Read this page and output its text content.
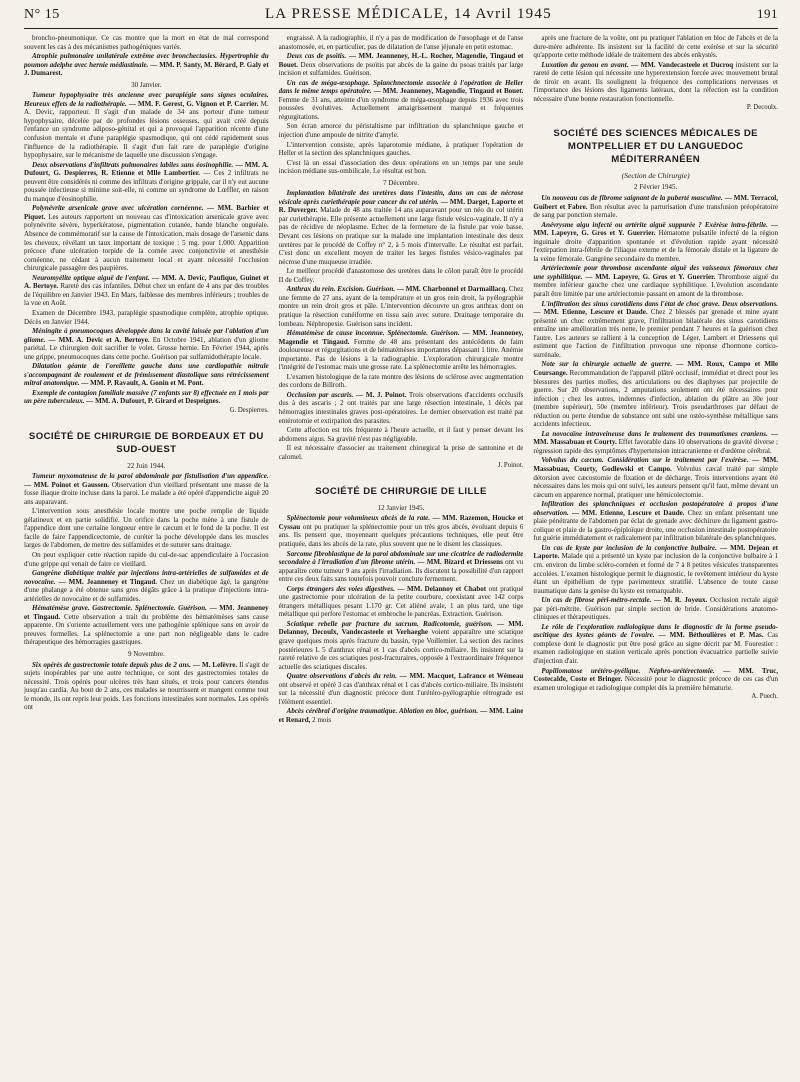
N° 15	LA PRESSE MÉDICALE, 14 Avril 1945	191

broncho-pneumonique. Ce cas montre que la mort en état de mal correspond souvent les cas à des mécanismes pathogéniques variés.

Atrophie pulmonaire unilatérale extrême avec bronchectasies. Hypertrophie du poumon adelphe avec hernie médiastinale. — MM. P. Santy, M. Bérard, P. Galy et J. Dumarest.

30 Janvier.

Tumeur hypophysaire très ancienne avec paraplégie sans signes oculaires. Heureux effets de la radiothérapie. — MM. F. Gerest, G. Vignon et P. Carrier. M. A. Devic, rapporteur. Il s'agit d'un malade de 34 ans porteur d'une tumeur hypophysaire, décelée par de profondes lésions osseuses, qui avait créé depuis l'enfance un syndrome adiposo-génital et qui a provoqué l'apparition récente d'une confusion mentale et d'une paraplégie spasmodique, qui ont cédé rapidement sous l'influence de la radiothérapie. Il s'agit d'un fait rare de paraplégie d'origine hypophysaire, sur le mécanisme de laquelle une discussion s'engage.

Deux observations d'infiltrats pulmonaires labiles sans éosinophilie. — MM. A. Dufourt, G. Despierres, R. Etienne et Mlle Lambertier. — Ces 2 infiltrats ne peuvent être considérés ni comme des infiltrats d'origine grippale, car il n'y eut aucune poussée infectieuse si minime soit-elle, ni comme un syndrome de Lœffler, en raison du manque d'éosinophilie.

Polynévrite arsenicale grave avec ulcération cornéenne. — MM. Barbier et Piquet. Les auteurs rapportent un nouveau cas d'intoxication arsenicale grave avec polynévrite sévère, hyperkératose, pigmentation cutanée, bande blanche onguéale. Absence de commémoratif sur la cause de l'intoxication, mais dosage de l'arsenic dans les cheveux, révélant un taux important de toxique : 5 mg. pour 1.000. Apparition précoce d'une ulcération torpide de la cornée avec conjonctivite et anesthésie cornéenne, ne cédant à aucun traitement local et ayant nécessité l'occlusion chirurgicale passagère des paupières.

Neuromyélite optique aiguë de l'enfant. — MM. A. Devic, Paufique, Guinet et A. Bertoye. Rareté des cas infantiles. Début chez un enfant de 4 ans par des troubles de l'équilibre en Janvier 1943. En Mars, faiblesse des membres inférieurs ; troubles de la vue en Août.

Examen de Décembre 1943, paraplégie spasmodique complète, atrophie optique. Décès en Janvier 1944.

Méningite à pneumocoques développée dans la cavité laissée par l'ablation d'un gliome. — MM. A. Devic et A. Bertoye. En Octobre 1941, ablation d'un gliome pariétal. Le chirurgien doit sacrifier le volet. Grosse hernie. En Février 1944, après une grippe, pneumocoques dans cette poche. Guérison par sulfamidothérapie locale.

Dilatation géante de l'oreillette gauche dans une cardiopathie mitrale s'accompagnant de roulement et de frémissement diastolique sans rétrécissement mitral anatomique. — MM. P. Ravault, A. Gonin et M. Pont.

Exemple de contagion familiale massive (7 enfants sur 8) effectuée en 1 mois par un père tuberculeux. — MM. A. Dufourt, P. Girard et Despeignes.

G. Despierres.
SOCIÉTÉ DE CHIRURGIE DE BORDEAUX ET DU SUD-OUEST
22 Juin 1944.

Tumeur myxomateuse de la paroi abdominale par fistulisation d'un appendice. — MM. Poinot et Gaussen. Observation d'un vieillard présentant une masse de la fosse iliaque droite incluse dans la paroi. Le malade a été opéré d'appendicite aiguë 20 ans auparavant.

L'intervention sous anesthésie locale montre une poche remplie de liquide gélatineux et en partie solidifié. Un orifice dans la poche mène à une fistule de l'appendice dont une certaine longueur entre le cæcum et le fond de la poche. Il est facile de faire l'appendicectomie, de curéter la poche développée dans les muscles larges de l'abdomen, de mettre des sulfamides et de suturer sans drainage.

On peut expliquer cette réaction rapide du cul-de-sac appendiculaire à l'occasion d'une grippe qui venait de faire ce vieillard.

Gangrène diabétique traitée par injections intra-artérielles de sulfamides et de novocaïne. — MM. Jeanneney et Tingaud. Chez un diabétique âgé, la gangrène d'une phalange a été obtenue sans gros dégâts grâce à la pratique d'injections intra-artérielles de novocaïne et de sulfamides.

Hématémèse grave. Gastrectomie. Splénectomie. Guérison. — MM. Jeanneney et Tingaud. Cette observation a trait du problème des hématémèses sans cause apparente. On s'oriente actuellement vers une pathogénie splénique sans en avoir de preuves formelles. La splénectomie a une part non négligeable dans le cadre thérapeutique des hémorragies gastriques.

9 Novembre.

Six opérés de gastrectomie totale depuis plus de 2 ans. — M. Lefèvre. Il s'agit de sujets inopérables par une autre technique, ce sont des gastrectomies totales de nécessité. Trois opérés pour ulcères très haut situés, et trois pour cancers étendus jusqu'au cardia. Au bout de 2 ans, ces malades se nourrissent et mangent comme tout le monde, ils ont repris leur poids. Les fonctions intestinales sont normales. Les opérés ont

engraissé. A la radiographie, il n'y a pas de modification de l'œsophage et de l'anse anastomosée, et, en particulier, pas de dilatation de l'anse jéjunale en petit estomac.

Deux cas de psoïtis. — MM. Jeanneney, H.-L. Rocher, Magendie, Tingaud et Bouet. Deux observations de psoïtis par abcès de la gaine du psoas traités par large incision et sulfamides. Guérison.

Un cas de méga-œsophage. Splanchnectomie associée à l'opération de Heller dans le même temps opératoire. — MM. Jeanneney, Magendie, Tingaud et Bouet. Femme de 31 ans, atteinte d'un syndrome de méga-œsophage depuis 1936 avec trois poussées évolutives. Actuellement amaigrissement marqué et fréquentes régurgitations.

Son écran amorce du péristaltisme par infiltration du splanchnique gauche et injection d'une ampoule de nitrite d'amyle.

L'intervention consiste, après laparotomie médiane, à pratiquer l'opération de Heller et la section des splanchniques gauches.

C'est là un essai d'association des deux opérations en un temps par une seule incision médiane sus-ombilicale. Le résultat est bon.

7 Décembre.

Implantation bilatérale des uretères dans l'intestin, dans un cas de nécrose vésicale après curiethérapie pour cancer du col utérin. — MM. Darget, Laporte et R. Duverger. Malade de 48 ans traitée 14 ans auparavant pour un néo du col utérin par curiethérapie. Elle présente actuellement une large fistule vésico-vaginale. Il n'y a pas de récidive de néoplasme. Echec de la fermeture de la fistule par voie basse. Devant ces lésions on pratique sur la malade une implantation intestinale des deux uretères par le procédé de Coffey n° 2, à 5 mois d'intervalle. Le résultat est parfait. C'est donc un excellent moyen de traiter les larges fistules vésico-vaginales par nécrose d'une muqueuse irradiée.

Le meilleur procédé d'anastomose des uretères dans le côlon paraît être le procédé II de Coffey.

Anthrax du rein. Excision. Guérison. — MM. Charbonnel et Darmaillacq. Chez une femme de 27 ans, ayant de la température et un gros rein droit, la pyélographie montre un rein droit gros et pâle. L'intervention découvre un gros anthrax dont on pratique la résection cunéiforme en tissu sain avec suture. Drainage temporaire du lombeau. Néphropexie. Guérison sans incident.

Hématémèse de cause inconnue. Splénectomie. Guérison. — MM. Jeanneney, Magendie et Tingaud. Femme de 48 ans présentant des antécédents de faim douloureuse et régurgitations et de hématémèses importantes dépassant 1 litre. Anémie importante. Pas de lésions à la radiographie. L'exploration chirurgicale montre l'intégrité de l'estomac mais une grosse rate. La splénectomie arrête les hémorragies.

L'examen histologique de la rate montre des lésions de sclérose avec augmentation des cordons de Billroth.

Occlusion par ascaris. — M. J. Poinot. Trois observations d'accidents occlusifs dus à des ascaris ; 2 ont traités par une large résection intestinale, 1 décès par hémorragies intestinales graves post-opératoires. Le dernier observation est traité par entérotomie et extirpation des parasites.

Cette affection est très fréquente à l'heure actuelle, et il faut y penser devant les abdomens aigus. Sa gravité n'est pas négligeable.

Il est nécessaire d'associer au traitement chirurgical la prise de santonine et de calomel.

J. Poinot.
SOCIÉTÉ DE CHIRURGIE DE LILLE
12 Janvier 1945.

Splénectomie pour volumineux abcès de la rate. — MM. Razemon, Houcke et Cyssau ont pu pratiquer la splénectomie pour un très gros abcès, évoluant depuis 6 ans. Ils pensent que, moyennant quelques précautions techniques, elle peut être pratiquée, dans les abcès de la rate, plus souvent que ne le disent les classiques.

Sarcome fibroblastique de la paroi abdominale sur une cicatrice de radiodermite secondaire à l'irradiation d'un fibrome utérin. — MM. Bizard et Driessens ont vu apparaître cette tumeur 9 ans après l'irradiation. Ils discutent la possibilité d'un rapport entre ces deux faits sans toutefois pouvoir conclure fermement.

Corps étrangers des voies digestives. — MM. Delannoy et Chabot ont pratiqué une gastrectomie pour ulcération de la petite courbure, coexistant avec 142 corps étrangers métalliques pesant 1.170 gr. Cet aliéné avale, 1 an plus tard, une tige métallique qui perfore l'estomac et embroche le pancréas. Extraction. Guérison.

Sciatique rebelle par fracture du sacrum. Radicotomie, guérison. — MM. Delannoy, Decoulx, Vandecasteele et Verhaeghe voient apparaître une sciatique grave quelques mois après fracture du bassin, type Voillemier. La section des racines postérieures L 5 d'anthrax rénal et 1 cas d'abcès cortico-miliaire. Ils insistent sur la rareté relative de ces sciatiques post-fracturaires, opposée à l'extraordinaire fréquence actuelle des sciatiques discales.

Quatre observations d'abcès du rein. — MM. Macquet, Lafrance et Wémeau ont observé et opéré 3 cas d'anthrax rénal et 1 cas d'abcès cortico-miliaire. Ils insistent sur la nécessité d'un diagnostic précoce dont l'urétéro-pyélographie rétrograde est l'élément essentiel.

Abcès cérébral d'origine traumatique. Ablation en bloc, guérison. — MM. Laine et Renard, 2 mois

après une fracture de la voûte, ont pu pratiquer l'ablation en bloc de l'abcès et de la dure-mère adhérente. Ils insistent sur la facilité de cette exérèse et sur la sécurité qu'apporte cette méthode idéale de traitement des abcès enkystés.

Luxation du genou en avant. — MM. Vandecasteele et Ducroq insistent sur la rareté de cette lésion qui nécessite une hyperextension forcée avec mouvement brutal de tiroir en avant. Ils soulignent la fréquence des complications nerveuses et l'importance des lésions des ligaments latéraux, dont la réfection est la condition nécessaire d'une bonne restauration fonctionnelle.

P. Decoulx.
SOCIÉTÉ DES SCIENCES MÉDICALES DE MONTPELLIER ET DU LANGUEDOC MÉDITERRANÉEN
(Section de Chirurgie)
2 Février 1945.

Un nouveau cas de fibrome saignant de la puberté masculine. — MM. Terracol, Guibert et Fabre. Bon résultat avec la parturisation d'une transfusion préopératoire de sang par ponction sternale.

Anévrysme aigu infecté ou artérite aiguë suppurée ? Exérèse intra-fébrile. — MM. Lapeyre, G. Gros et Y. Guerrier. Hématome pulsatile infecté de la région inguinale droite d'apparition spontanée et d'évolution rapide ayant nécessité l'extirpation intra-fébrile de l'iliaque externe et de la fémorale distale et la ligature de la veine fémorale. Gangrène secondaire du membre.

Artériectomie pour thrombose ascendante aiguë des vaisseaux fémoraux chez une syphilitique. — MM. Lapeyre, G. Gros et Y. Guerrier. Thrombose aiguë du membre inférieur gauche chez une cardiaque syphilitique. L'évolution ascendante paraît être limitée par une artériectomie passant en amont de la thrombose.

L'infiltration des sinus carotidiens dans l'état de choc grave. Deux observations. — MM. Etienne, Lescure et Daude. Chez 2 blessés par grenade et mine ayant présenté un choc extrêmement grave, l'infiltration bilatérale des sinus carotidiens entraîne une amélioration très nette, le premier pendant 7 heures et la guérison chez l'autre. Les auteurs se rallient à la conception de Léger, Lambert et Driessens qui estiment que l'action de l'infiltration provoque une réponse d'hormone cortico-surrénale.

Note sur la chirurgie actuelle de guerre. — MM. Roux, Campo et Mlle Coursange. Recommandation de l'appareil plâtré occlusif, immédiat et direct pour les blessures des parties molles, des articulations ou des diaphyses par projectile de guerre. Sur 20 observations, 2 amputations seulement ont été nécessaires pour infection ; chez les autres, indemnes d'infection, ablation du plâtre au 30e jour (membre supérieur), 50e (membre inférieur). Trois pseudarthroses par défaut de réduction ou perte étendue de substance ont subi une ostéo-synthèse métallique sans accidents infectieux.

La novocaïne intraveineuse dans le traitement des traumatismes craniens. — MM. Massabuau et Courty. Effet favorable dans 10 observations de gravité diverse ; régression rapide des symptômes d'hypertension intracranienne et d'œdème cérébral.

Volvulus du cæcum. Considération sur le traitement par l'exérèse. — MM. Massabuau, Courty, Godlewski et Campo. Volvulus cæcal traité par simple détorsion avec cæcostomie de fixation et de décharge. Trois interventions ayant été nécessaires dans les mois qui ont suivi, les auteurs pensent qu'il faut, même devant un cæcum en apparence normal, pratiquer une hémicolectomie.

Infiltration des splanchniques et occlusion postopératoire à propos d'une observation. — MM. Etienne, Lescure et Daude. Chez un enfant présentant une plaie pénétrante de l'abdomen par éclat de grenade avec déchirure du ligament gastro-colique et plaie de la gastro-épiploïque droite, une occlusion intestinale postopératoire fut guérie immédiatement et radicalement par infiltration bilatérale des splanchniques.

Un cas de kyste par inclusion de la conjonctive bulbaire. — MM. Dejean et Laporte. Malade qui a présenté un kyste par inclusion de la conjonctive bulbaire à 1 cm. environ du limbe scléro-cornéen et formé de 7 à 8 petites vésicules transparentes accolées. L'examen histologique permit le diagnostic, le revêtement intérieur du kyste étant un épithélium de type pavimenteux stratifié. L'absence de toute cause traumatique dans la genèse du kyste est remarquable.

Un cas de fibrose péri-métro-rectale. — M. R. Joyeux. Occlusion rectale aiguë par péri-métrite. Guérison par simple section de bride. Considérations anatomo-cliniques et thérapeutiques.

Le rôle de l'exploration radiologique dans le diagnostic de la forme pseudo-ascitique des kystes géants de l'ovaire. — MM. Béthoulières et P. Mas. Cas complexe dont le diagnostic put être posé grâce au signe décrit par M. Fourestier : examen radiologique en station verticale après ponction évacuatrice partielle suivie d'injection d'air.

Papillomatose urétéro-pyélique. Néphro-urétérectomie. — MM. Truc, Costecalde, Coste et Bringer. Nécessité pour le diagnostic précoce de ces cas d'un examen urologique et radiologique complet dès la première hématurie.

A. Puech.
